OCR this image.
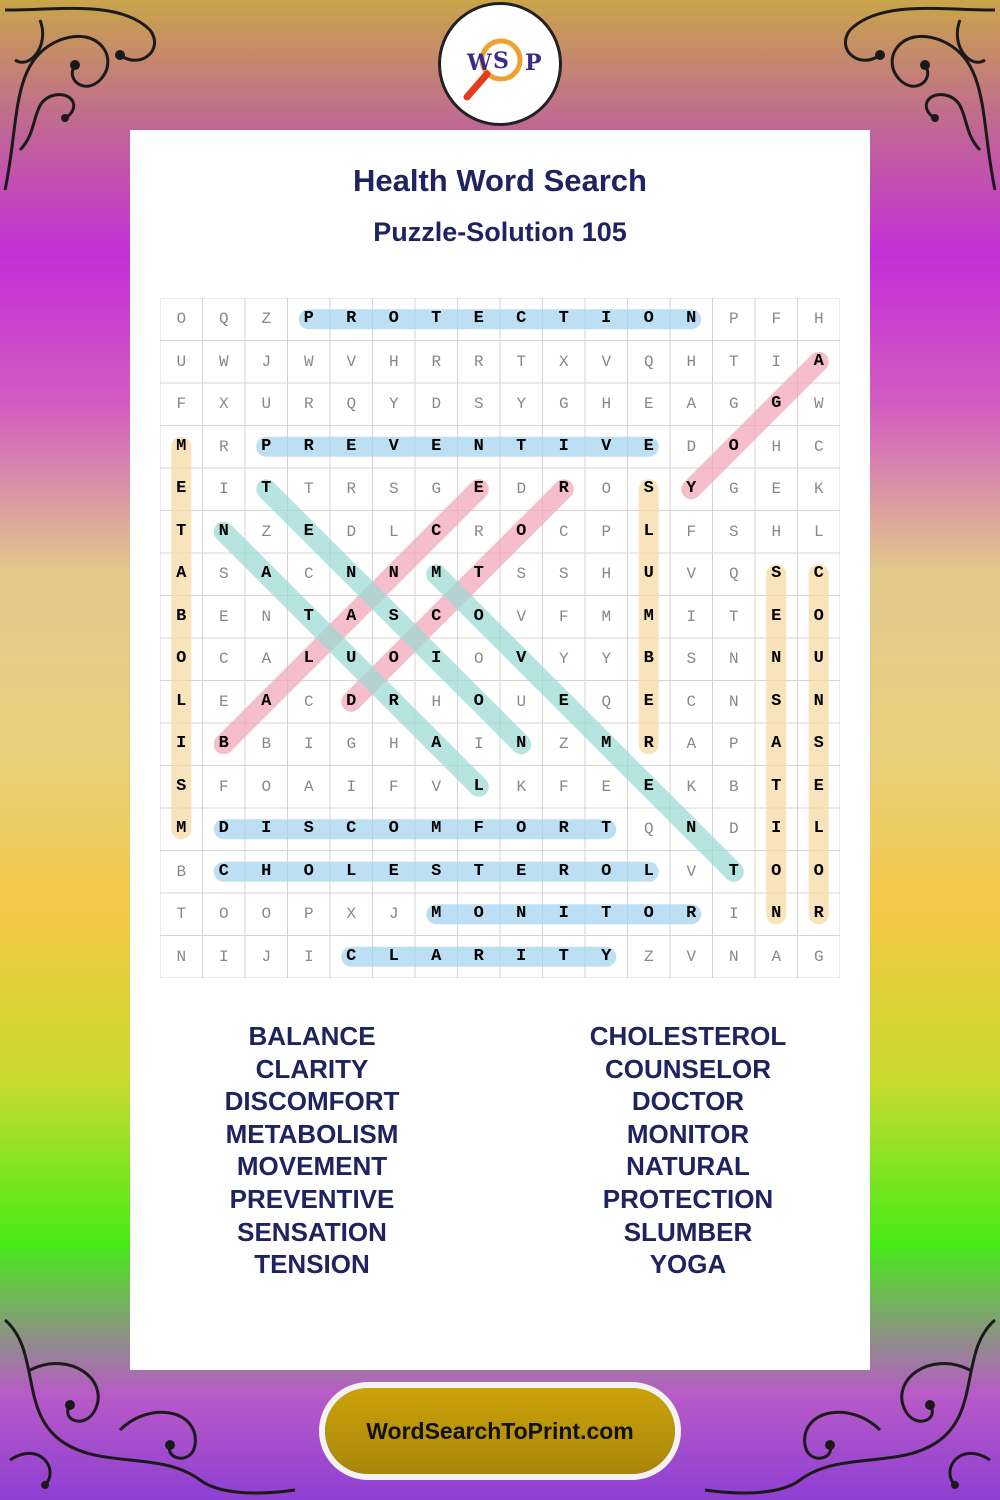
W S P
Health Word Search
Puzzle-Solution 105
O	Q	Z	P	R	O	T	E	C	T	I	O	N	P	F	H
U	W	J	W	V	H	R	R	T	X	V	Q	H	T	I	A
F	X	U	R	Q	Y	D	S	Y	G	H	E	A	G	G	W
M	R	P	R	E	V	E	N	T	I	V	E	D	O	H	C
E	I	T	T	R	S	G	E	D	R	O	S	Y	G	E	K
T	N	Z	E	D	L	C	R	O	C	P	L	F	S	H	L
A	S	A	C	N	N	M	T	S	S	H	U	V	Q	S	C
B	E	N	T	A	S	C	O	V	F	M	M	I	T	E	O
O	C	A	L	U	O	I	O	V	Y	Y	B	S	N	N	U
L	E	A	C	D	R	H	O	U	E	Q	E	C	N	S	N
I	B	B	I	G	H	A	I	N	Z	M	R	A	P	A	S
S	F	O	A	I	F	V	L	K	F	E	E	K	B	T	E
M	D	I	S	C	O	M	F	O	R	T	Q	N	D	I	L
B	C	H	O	L	E	S	T	E	R	O	L	V	T	O	O
T	O	O	P	X	J	M	O	N	I	T	O	R	I	N	R
N	I	J	I	C	L	A	R	I	T	Y	Z	V	N	A	G
BALANCE
CLARITY
DISCOMFORT
METABOLISM
MOVEMENT
PREVENTIVE
SENSATION
TENSION
CHOLESTEROL
COUNSELOR
DOCTOR
MONITOR
NATURAL
PROTECTION
SLUMBER
YOGA
WordSearchToPrint.com
